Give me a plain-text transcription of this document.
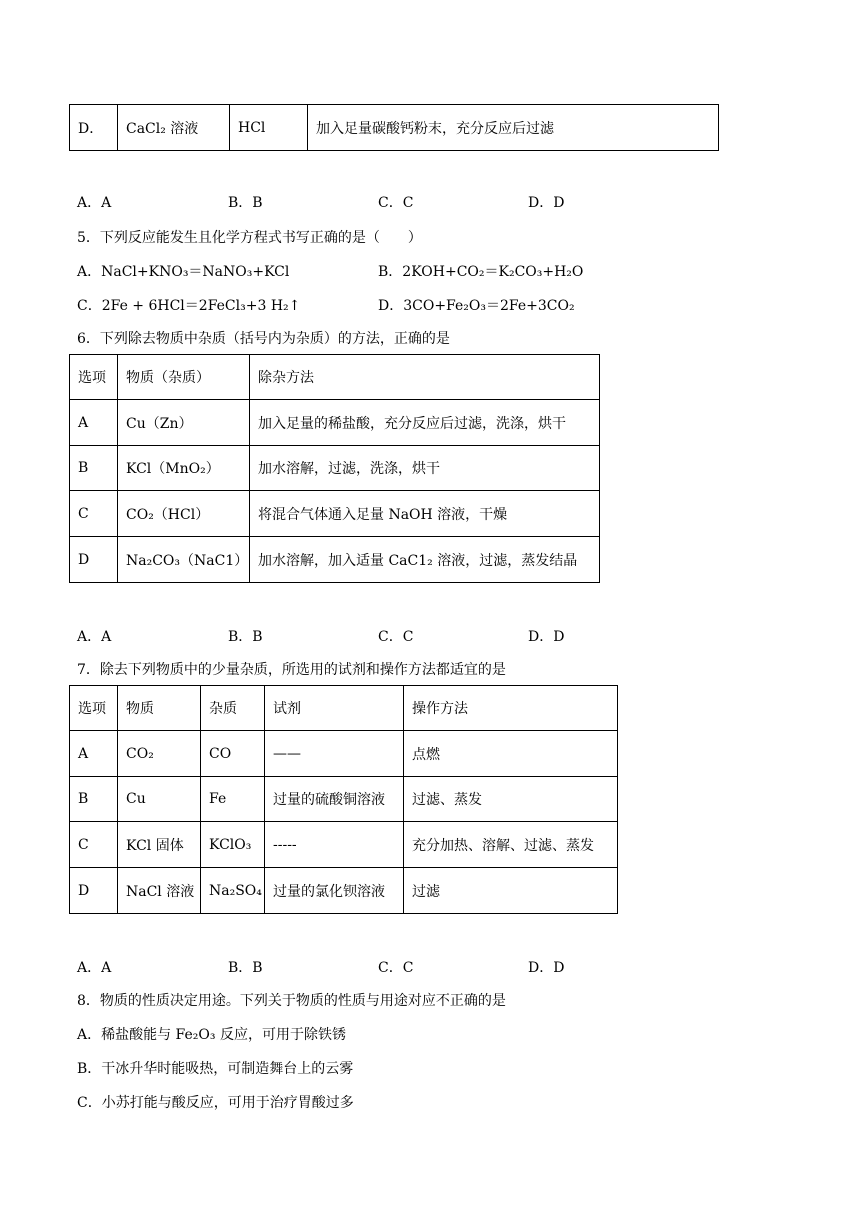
D．	CaCl₂ 溶液	HCl	加入足量碳酸钙粉末，充分反应后过滤
A．A	B．B	C．C	D．D
5．下列反应能发生且化学方程式书写正确的是（　　）
A．NaCl+KNO₃＝NaNO₃+KCl	B．2KOH+CO₂＝K₂CO₃+H₂O
C．2Fe + 6HCl＝2FeCl₃+3 H₂↑	D．3CO+Fe₂O₃＝2Fe+3CO₂
6．下列除去物质中杂质（括号内为杂质）的方法，正确的是
选项	物质（杂质）	除杂方法
A	Cu（Zn）	加入足量的稀盐酸，充分反应后过滤，洗涤，烘干
B	KCl（MnO₂）	加水溶解，过滤，洗涤，烘干
C	CO₂（HCl）	将混合气体通入足量 NaOH 溶液，干燥
D	Na₂CO₃（NaC1）	加水溶解，加入适量 CaC1₂ 溶液，过滤，蒸发结晶
A．A	B．B	C．C	D．D
7．除去下列物质中的少量杂质，所选用的试剂和操作方法都适宜的是
选项	物质	杂质	试剂	操作方法
A	CO₂	CO	——	点燃
B	Cu	Fe	过量的硫酸铜溶液	过滤、蒸发
C	KCl 固体	KClO₃	-----	充分加热、溶解、过滤、蒸发
D	NaCl 溶液	Na₂SO₄	过量的氯化钡溶液	过滤
A．A	B．B	C．C	D．D
8．物质的性质决定用途。下列关于物质的性质与用途对应不正确的是
A．稀盐酸能与 Fe₂O₃ 反应，可用于除铁锈
B．干冰升华时能吸热，可制造舞台上的云雾
C．小苏打能与酸反应，可用于治疗胃酸过多
